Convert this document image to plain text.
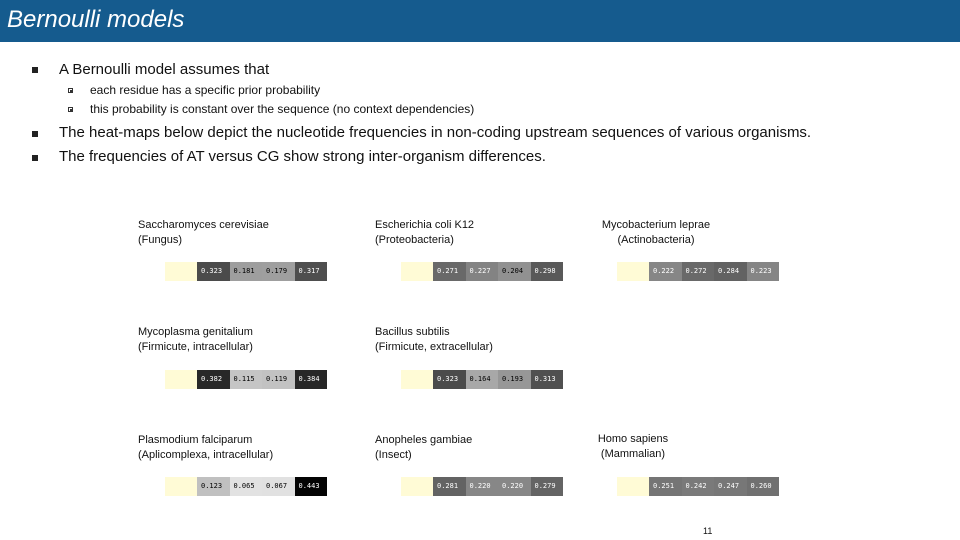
Bernoulli models
A Bernoulli model assumes that
each residue has a specific prior probability
this probability is constant over the sequence (no context dependencies)
The heat-maps below depict the nucleotide frequencies in non-coding upstream sequences of various organisms.
The frequencies of AT versus CG show strong inter-organism differences.
Saccharomyces cerevisiae
(Fungus)
Escherichia coli K12
(Proteobacteria)
Mycobacterium leprae
(Actinobacteria)
Mycoplasma genitalium
(Firmicute, intracellular)
Bacillus subtilis
(Firmicute, extracellular)
Plasmodium falciparum
(Aplicomplexa, intracellular)
Anopheles gambiae
(Insect)
Homo sapiens
(Mammalian)
0.323	0.181	0.179	0.317	0.271	0.227	0.204	0.298	0.222	0.272	0.284	0.223
0.382	0.115	0.119	0.384	0.323	0.164	0.193	0.313
0.123	0.065	0.067	0.443	0.281	0.220	0.220	0.279	0.251	0.242	0.247	0.260
11
